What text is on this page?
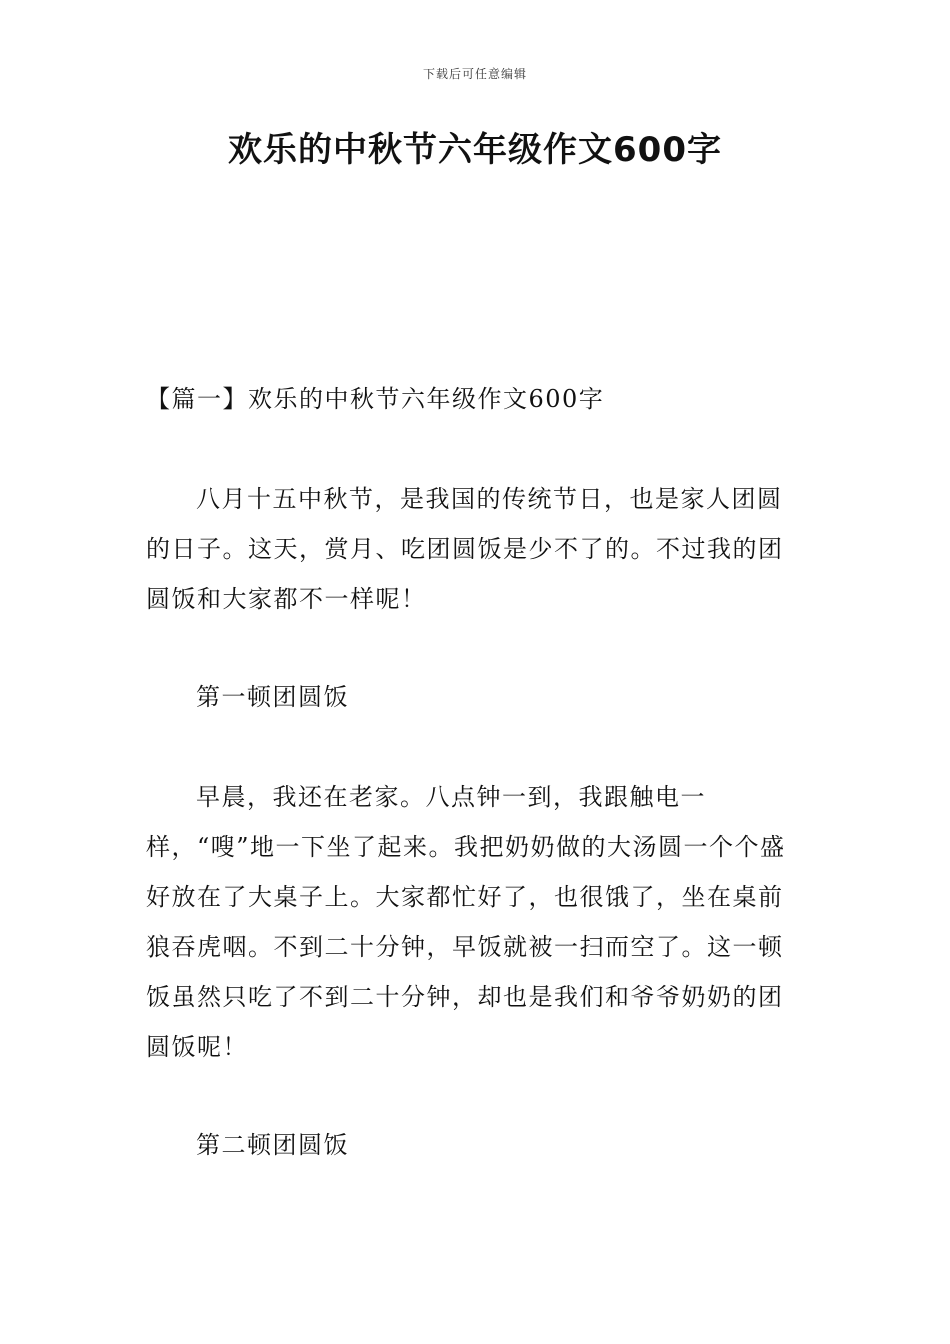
下载后可任意编辑
欢乐的中秋节六年级作文600字

【篇一】欢乐的中秋节六年级作文600字

八月十五中秋节，是我国的传统节日，也是家人团圆的日子。这天，赏月、吃团圆饭是少不了的。不过我的团圆饭和大家都不一样呢！

第一顿团圆饭

早晨，我还在老家。八点钟一到，我跟触电一样，“嗖”地一下坐了起来。我把奶奶做的大汤圆一个个盛好放在了大桌子上。大家都忙好了，也很饿了，坐在桌前狼吞虎咽。不到二十分钟，早饭就被一扫而空了。这一顿饭虽然只吃了不到二十分钟，却也是我们和爷爷奶奶的团圆饭呢！

第二顿团圆饭
